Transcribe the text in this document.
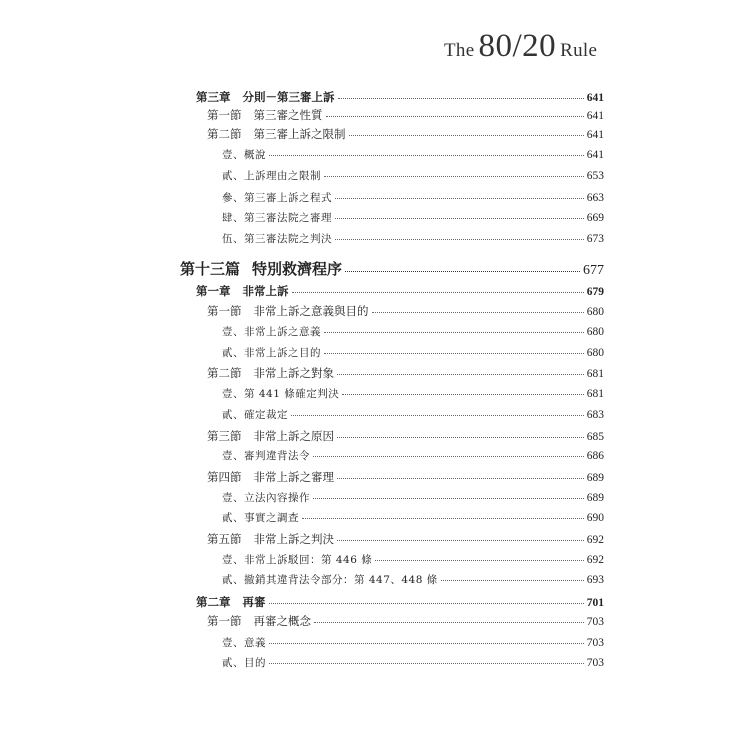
The 80/20 Rule
第三章 分則－第三審上訴	641
第一節 第三審之性質	641
第二節 第三審上訴之限制	641
壹、概說	641
貳、上訴理由之限制	653
參、第三審上訴之程式	663
肆、第三審法院之審理	669
伍、第三審法院之判決	673
第十三篇 特別救濟程序	677
第一章 非常上訴	679
第一節 非常上訴之意義與目的	680
壹、非常上訴之意義	680
貳、非常上訴之目的	680
第二節 非常上訴之對象	681
壹、第 441 條確定判決	681
貳、確定裁定	683
第三節 非常上訴之原因	685
壹、審判違背法令	686
第四節 非常上訴之審理	689
壹、立法內容操作	689
貳、事實之調查	690
第五節 非常上訴之判決	692
壹、非常上訴駁回：第 446 條	692
貳、撤銷其違背法令部分：第 447、448 條	693
第二章 再審	701
第一節 再審之概念	703
壹、意義	703
貳、目的	703
